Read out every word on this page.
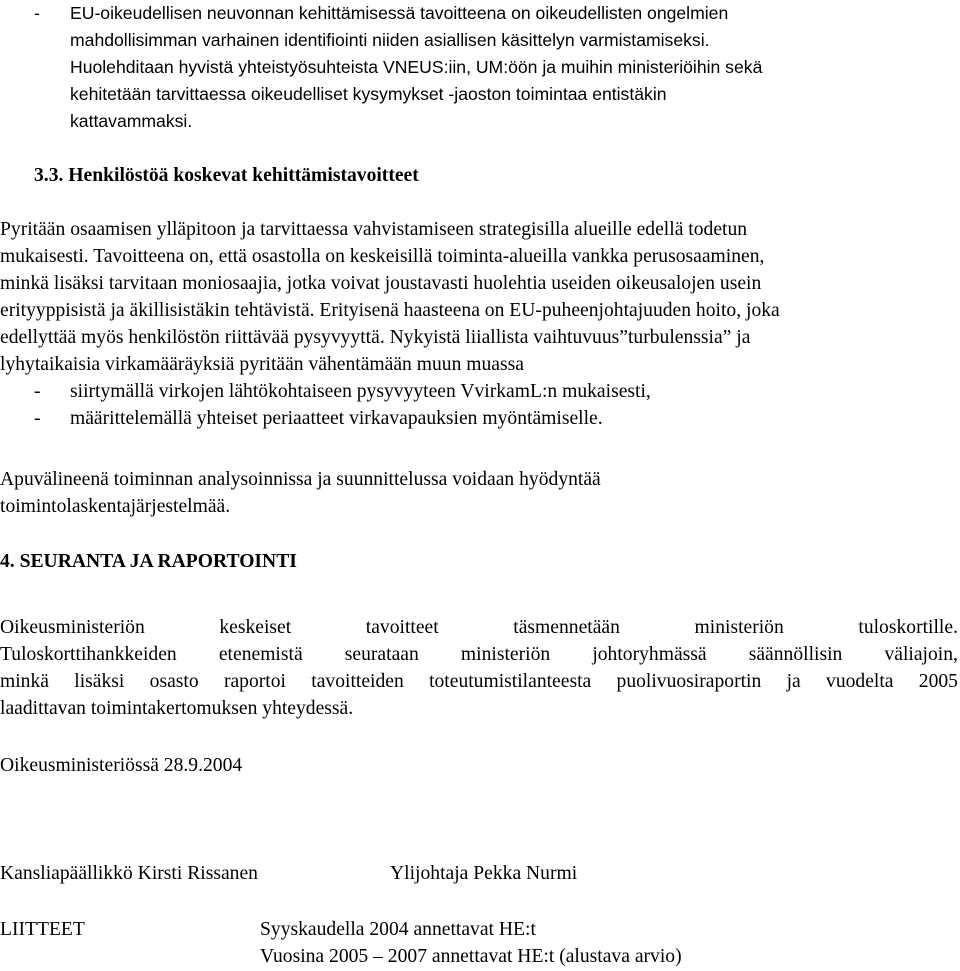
- EU-oikeudellisen neuvonnan kehittämisessä tavoitteena on oikeudellisten ongelmien
mahdollisimman varhainen identifiointi niiden asiallisen käsittelyn varmistamiseksi.
Huolehditaan hyvistä yhteistyösuhteista VNEUS:iin, UM:öön ja muihin ministeriöihin sekä
kehitetään tarvittaessa oikeudelliset kysymykset -jaoston toimintaa entistäkin
kattavammaksi.
3.3. Henkilöstöä koskevat kehittämistavoitteet
Pyritään osaamisen ylläpitoon ja tarvittaessa vahvistamiseen strategisilla alueille edellä todetun
mukaisesti. Tavoitteena on, että osastolla on keskeisillä toiminta-alueilla vankka perusosaaminen,
minkä lisäksi tarvitaan moniosaajia, jotka voivat joustavasti huolehtia useiden oikeusalojen usein
erityyppisistä ja äkillisistäkin tehtävistä. Erityisenä haasteena on EU-puheenjohtajuuden hoito, joka
edellyttää myös henkilöstön riittävää pysyvyyttä. Nykyistä liiallista vaihtuvuus”turbulenssia” ja
lyhytaikaisia virkamääräyksiä pyritään vähentämään muun muassa
- siirtymällä virkojen lähtökohtaiseen pysyvyyteen VvirkamL:n mukaisesti,
- määrittelemällä yhteiset periaatteet virkavapauksien myöntämiselle.
Apuvälineenä toiminnan analysoinnissa ja suunnittelussa voidaan hyödyntää
toimintolaskentajärjestelmää.
4. SEURANTA JA RAPORTOINTI
Oikeusministeriön	keskeiset	tavoitteet	täsmennetään	ministeriön	tuloskortille.
Tuloskorttihankkeiden etenemistä seurataan ministeriön johtoryhmässä säännöllisin väliajoin,
minkä lisäksi osasto raportoi tavoitteiden toteutumistilanteesta puolivuosiraportin ja vuodelta 2005
laadittavan toimintakertomuksen yhteydessä.
Oikeusministeriössä 28.9.2004
Kansliapäällikkö Kirsti Rissanen	Ylijohtaja Pekka Nurmi
LIITTEET	Syyskaudella 2004 annettavat HE:t
Vuosina 2005 – 2007 annettavat HE:t (alustava arvio)
